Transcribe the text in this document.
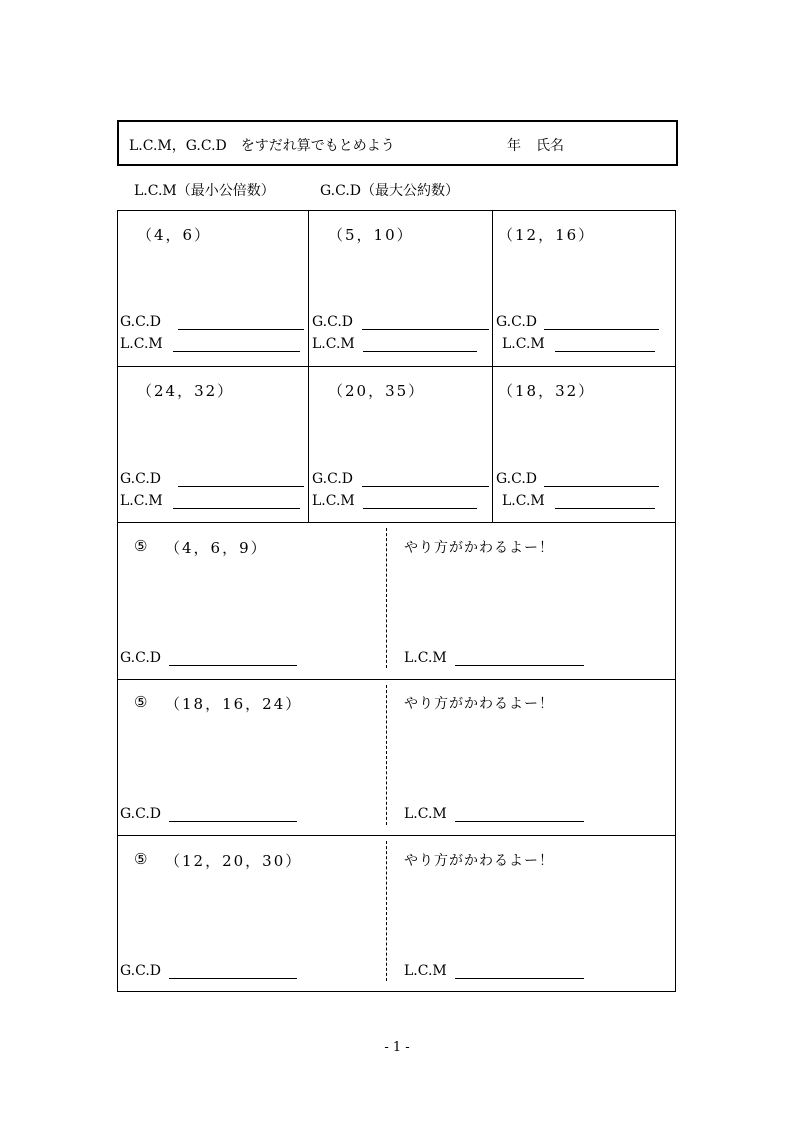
L.C.M，G.C.D　をすだれ算でもとめよう	年 氏名
L.C.M（最小公倍数）	G.C.D（最大公約数）
（4，6）
G.C.D
L.C.M
（5，10）
G.C.D
L.C.M
（12，16）
G.C.D
L.C.M
（24，32）
G.C.D
L.C.M
（20，35）
G.C.D
L.C.M
（18，32）
G.C.D
L.C.M
⑤ （4，6，9）	やり方がかわるよー！
G.C.D	L.C.M
⑤ （18，16，24）	やり方がかわるよー！
G.C.D	L.C.M
⑤ （12，20，30）	やり方がかわるよー！
G.C.D	L.C.M
- 1 -
